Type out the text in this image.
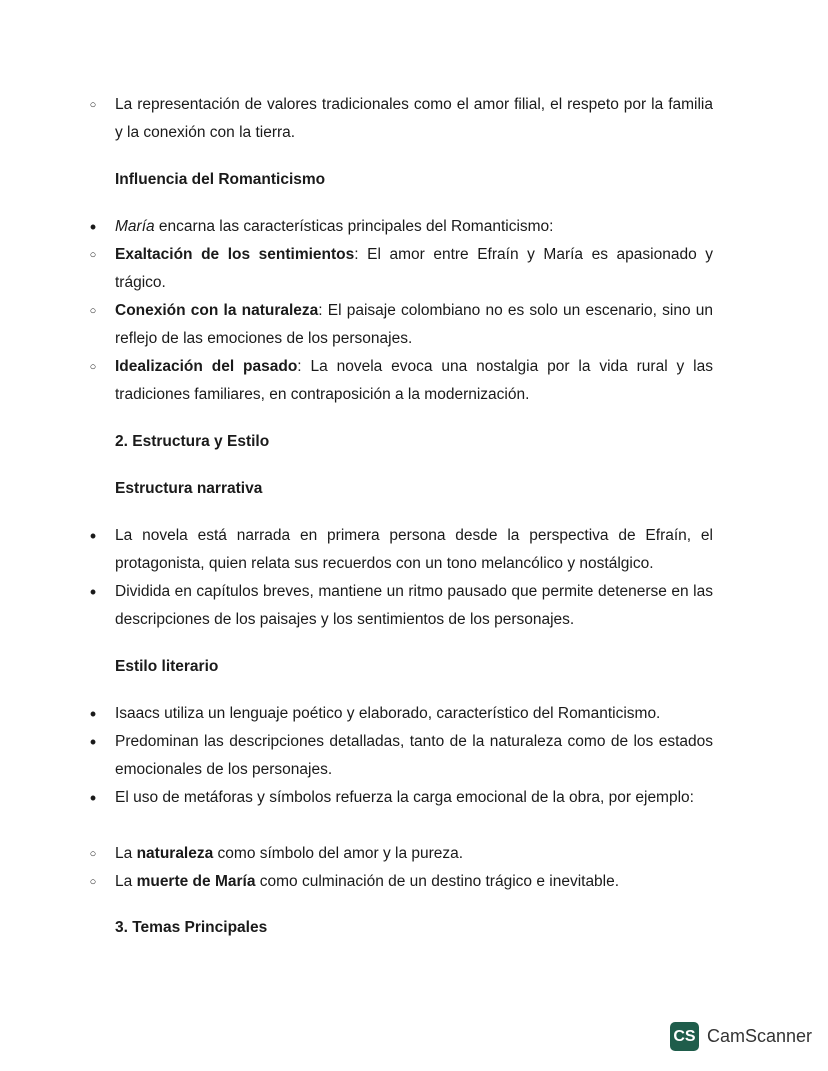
○ La representación de valores tradicionales como el amor filial, el respeto por la familia y la conexión con la tierra.
Influencia del Romanticismo
• María encarna las características principales del Romanticismo:
○ Exaltación de los sentimientos: El amor entre Efraín y María es apasionado y trágico.
○ Conexión con la naturaleza: El paisaje colombiano no es solo un escenario, sino un reflejo de las emociones de los personajes.
○ Idealización del pasado: La novela evoca una nostalgia por la vida rural y las tradiciones familiares, en contraposición a la modernización.
2. Estructura y Estilo
Estructura narrativa
• La novela está narrada en primera persona desde la perspectiva de Efraín, el protagonista, quien relata sus recuerdos con un tono melancólico y nostálgico.
• Dividida en capítulos breves, mantiene un ritmo pausado que permite detenerse en las descripciones de los paisajes y los sentimientos de los personajes.
Estilo literario
• Isaacs utiliza un lenguaje poético y elaborado, característico del Romanticismo.
• Predominan las descripciones detalladas, tanto de la naturaleza como de los estados emocionales de los personajes.
• El uso de metáforas y símbolos refuerza la carga emocional de la obra, por ejemplo:
○ La naturaleza como símbolo del amor y la pureza.
○ La muerte de María como culminación de un destino trágico e inevitable.
3. Temas Principales
CS CamScanner
